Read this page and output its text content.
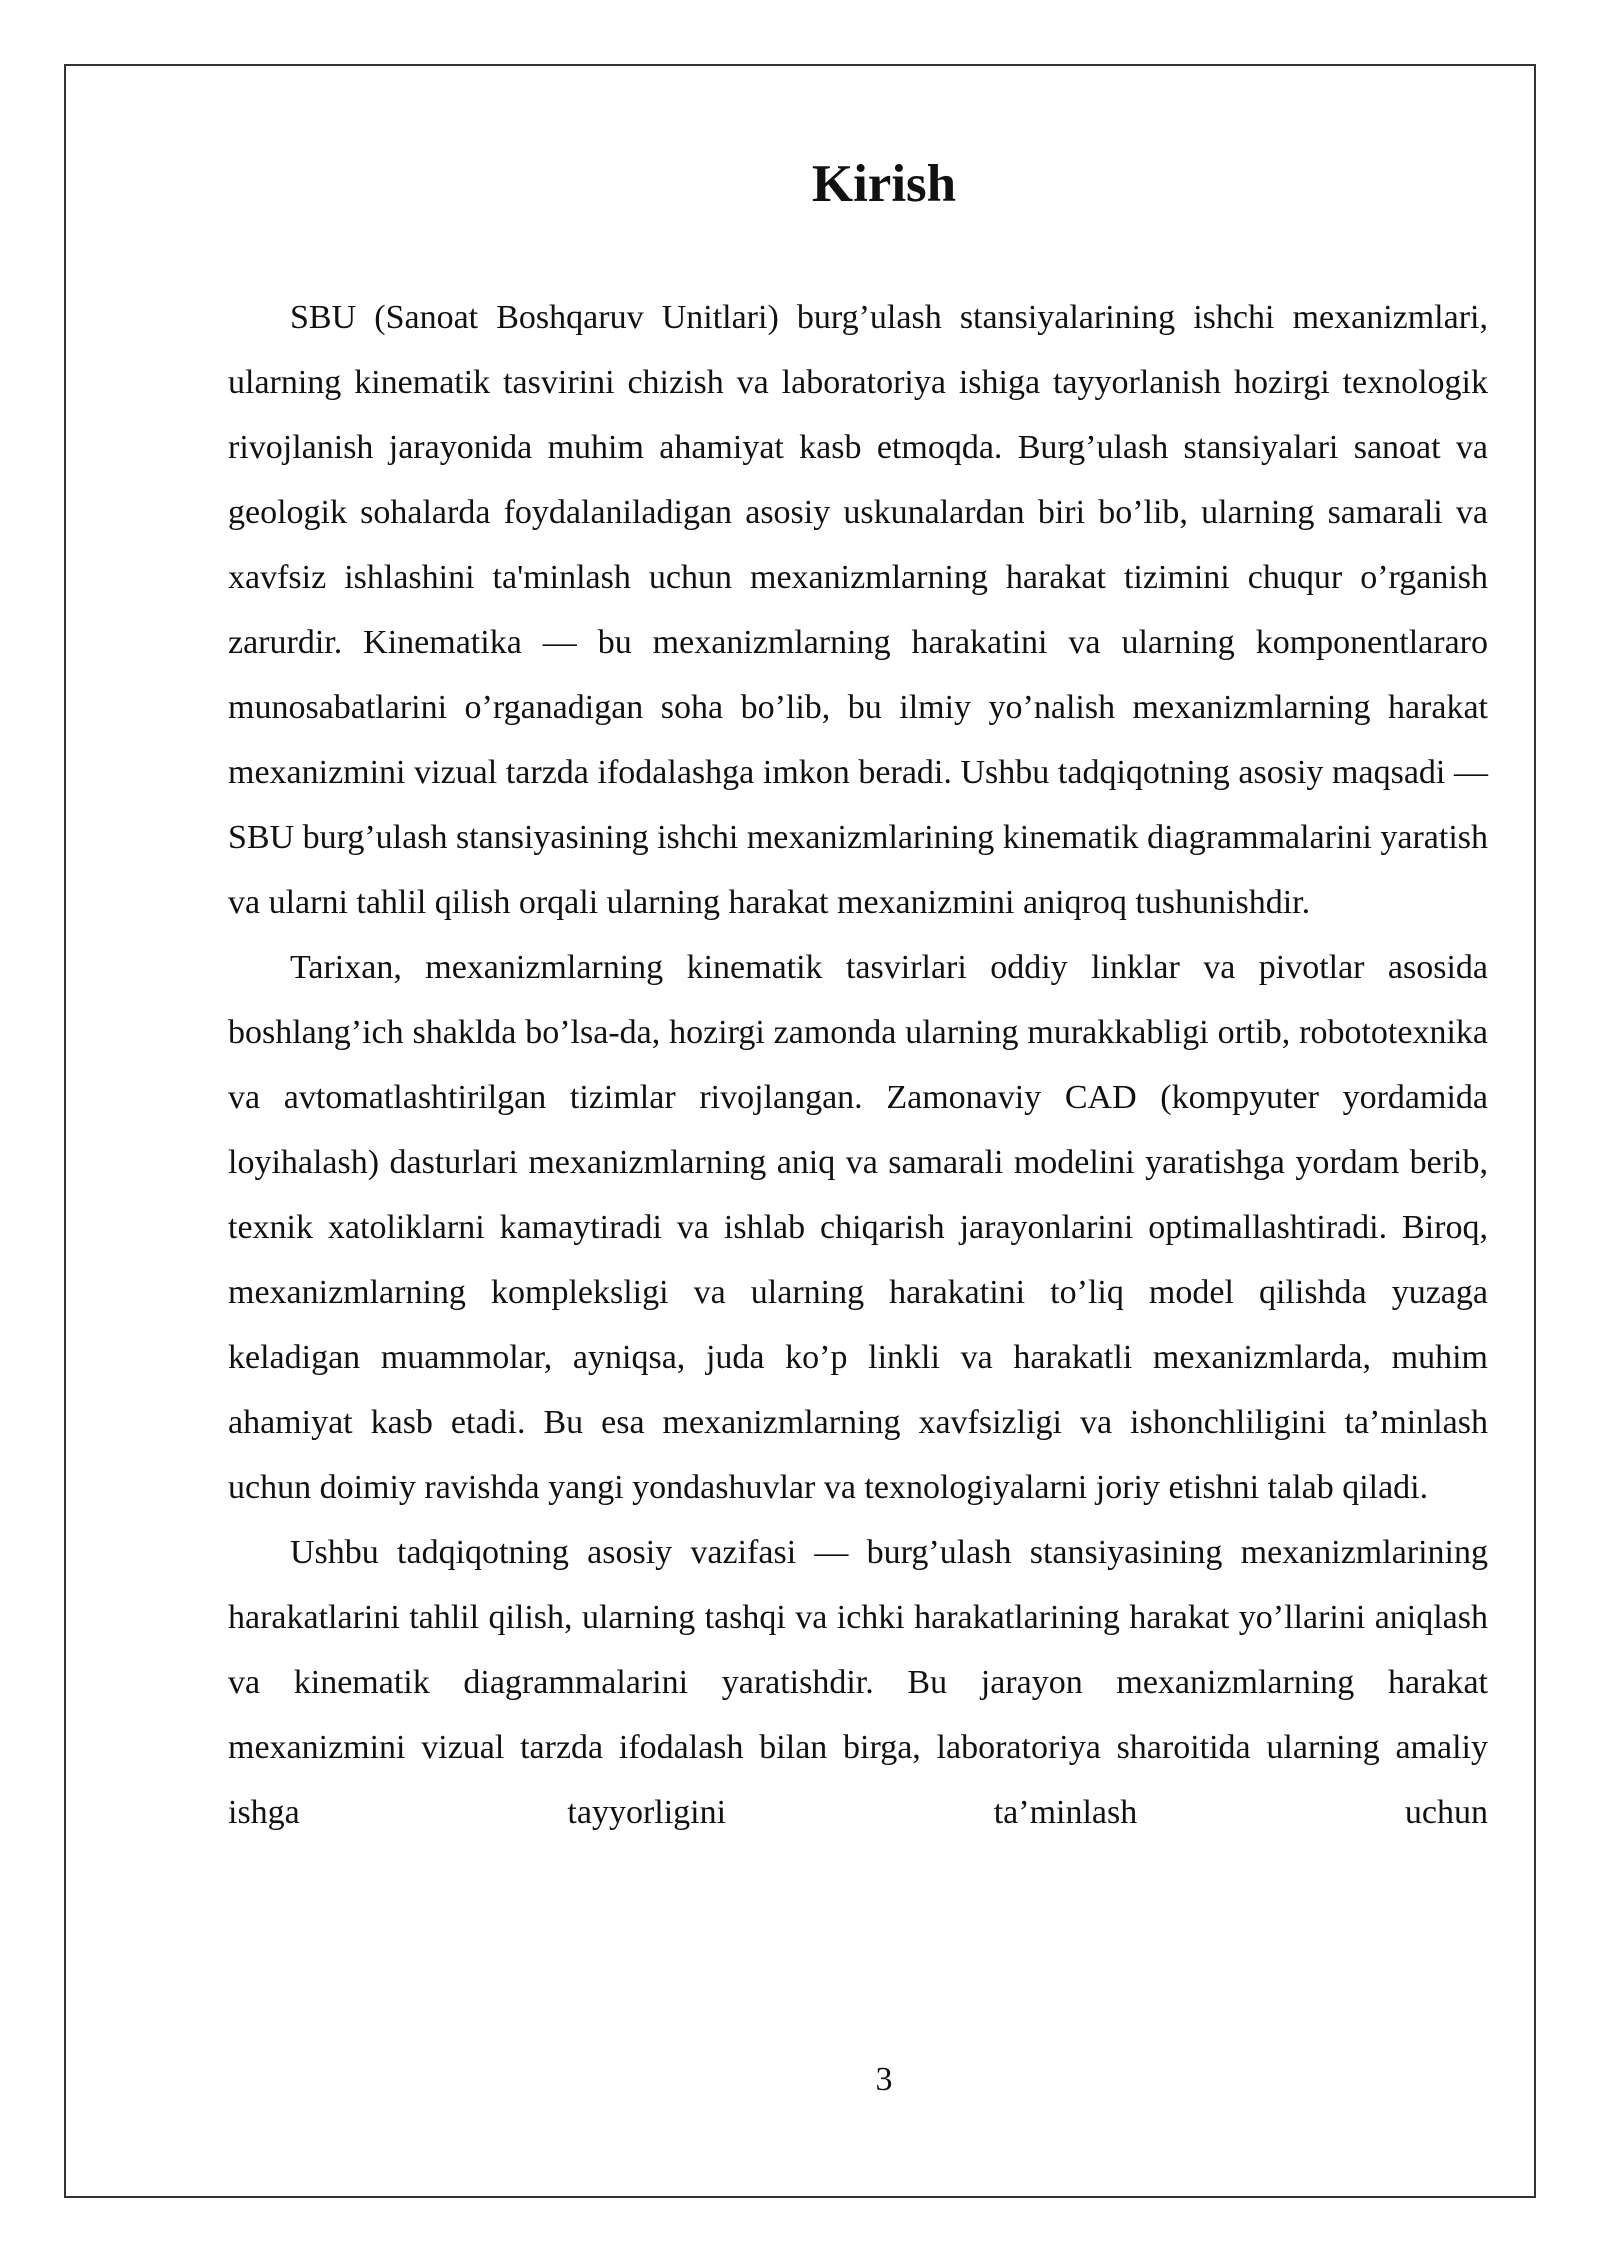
Kirish

SBU (Sanoat Boshqaruv Unitlari) burg’ulash stansiyalarining ishchi mexanizmlari, ularning kinematik tasvirini chizish va laboratoriya ishiga tayyorlanish hozirgi texnologik rivojlanish jarayonida muhim ahamiyat kasb etmoqda. Burg’ulash stansiyalari sanoat va geologik sohalarda foydalaniladigan asosiy uskunalardan biri bo’lib, ularning samarali va xavfsiz ishlashini ta'minlash uchun mexanizmlarning harakat tizimini chuqur o’rganish zarurdir. Kinematika — bu mexanizmlarning harakatini va ularning komponentlararo munosabatlarini o’rganadigan soha bo’lib, bu ilmiy yo’nalish mexanizmlarning harakat mexanizmini vizual tarzda ifodalashga imkon beradi. Ushbu tadqiqotning asosiy maqsadi — SBU burg’ulash stansiyasining ishchi mexanizmlarining kinematik diagrammalarini yaratish va ularni tahlil qilish orqali ularning harakat mexanizmini aniqroq tushunishdir.

Tarixan, mexanizmlarning kinematik tasvirlari oddiy linklar va pivotlar asosida boshlang’ich shaklda bo’lsa-da, hozirgi zamonda ularning murakkabligi ortib, robototexnika va avtomatlashtirilgan tizimlar rivojlangan. Zamonaviy CAD (kompyuter yordamida loyihalash) dasturlari mexanizmlarning aniq va samarali modelini yaratishga yordam berib, texnik xatoliklarni kamaytiradi va ishlab chiqarish jarayonlarini optimallashtiradi. Biroq, mexanizmlarning kompleksligi va ularning harakatini to’liq model qilishda yuzaga keladigan muammolar, ayniqsa, juda ko’p linkli va harakatli mexanizmlarda, muhim ahamiyat kasb etadi. Bu esa mexanizmlarning xavfsizligi va ishonchliligini ta’minlash uchun doimiy ravishda yangi yondashuvlar va texnologiyalarni joriy etishni talab qiladi.

Ushbu tadqiqotning asosiy vazifasi — burg’ulash stansiyasining mexanizmlarining harakatlarini tahlil qilish, ularning tashqi va ichki harakatlarining harakat yo’llarini aniqlash va kinematik diagrammalarini yaratishdir. Bu jarayon mexanizmlarning harakat mexanizmini vizual tarzda ifodalash bilan birga, laboratoriya sharoitida ularning amaliy ishga tayyorligini ta’minlash uchun

3
